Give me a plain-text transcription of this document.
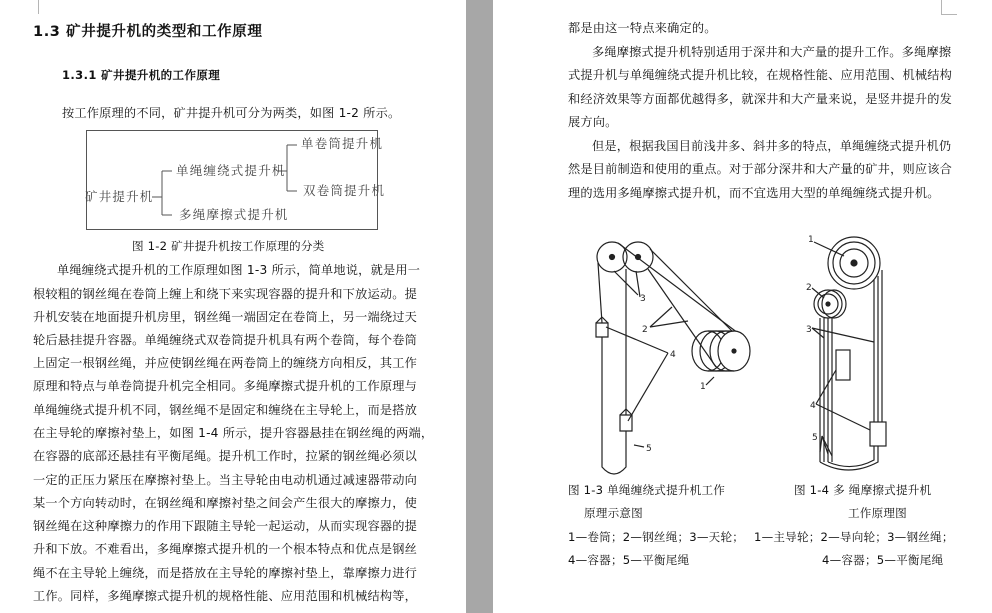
1.3 矿井提升机的类型和工作原理
1.3.1 矿井提升机的工作原理
按工作原理的不同，矿井提升机可分为两类，如图 1-2 所示。
矿井提升机
单绳缠绕式提升机
多绳摩擦式提升机
单卷筒提升机
双卷筒提升机
图 1-2 矿井提升机按工作原理的分类
单绳缠绕式提升机的工作原理如图 1-3 所示，简单地说，就是用一
根较粗的钢丝绳在卷筒上缠上和绕下来实现容器的提升和下放运动。提
升机安装在地面提升机房里，钢丝绳一端固定在卷筒上，另一端绕过天
轮后悬挂提升容器。单绳缠绕式双卷筒提升机具有两个卷筒，每个卷筒
上固定一根钢丝绳，并应使钢丝绳在两卷筒上的缠绕方向相反，其工作
原理和特点与单卷筒提升机完全相同。多绳摩擦式提升机的工作原理与
单绳缠绕式提升机不同，钢丝绳不是固定和缠绕在主导轮上，而是搭放
在主导轮的摩擦衬垫上，如图 1-4 所示，提升容器悬挂在钢丝绳的两端，
在容器的底部还悬挂有平衡尾绳。提升机工作时，拉紧的钢丝绳必须以
一定的正压力紧压在摩擦衬垫上。当主导轮由电动机通过减速器带动向
某一个方向转动时，在钢丝绳和摩擦衬垫之间会产生很大的摩擦力，使
钢丝绳在这种摩擦力的作用下跟随主导轮一起运动，从而实现容器的提
升和下放。不难看出，多绳摩擦式提升机的一个根本特点和优点是钢丝
绳不在主导轮上缠绕，而是搭放在主导轮的摩擦衬垫上，靠摩擦力进行
工作。同样，多绳摩擦式提升机的规格性能、应用范围和机械结构等，
都是由这一特点来确定的。
多绳摩擦式提升机特别适用于深井和大产量的提升工作。多绳摩擦
式提升机与单绳缠绕式提升机比较，在规格性能、应用范围、机械结构
和经济效果等方面都优越得多，就深井和大产量来说，是竖井提升的发
展方向。
但是，根据我国目前浅井多、斜井多的特点，单绳缠绕式提升机仍
然是目前制造和使用的重点。对于部分深井和大产量的矿井，则应该合
理的选用多绳摩擦式提升机，而不宜选用大型的单绳缠绕式提升机。
3
2
4
1
5
1
2
3
4
5
图 1-3 单绳缠绕式提升机工作
原理示意图
1—卷筒；2—钢丝绳；3—天轮；
4—容器；5—平衡尾绳
图 1-4 多 绳摩擦式提升机
工作原理图
1—主导轮；2—导向轮；3—钢丝绳；
4—容器；5—平衡尾绳
